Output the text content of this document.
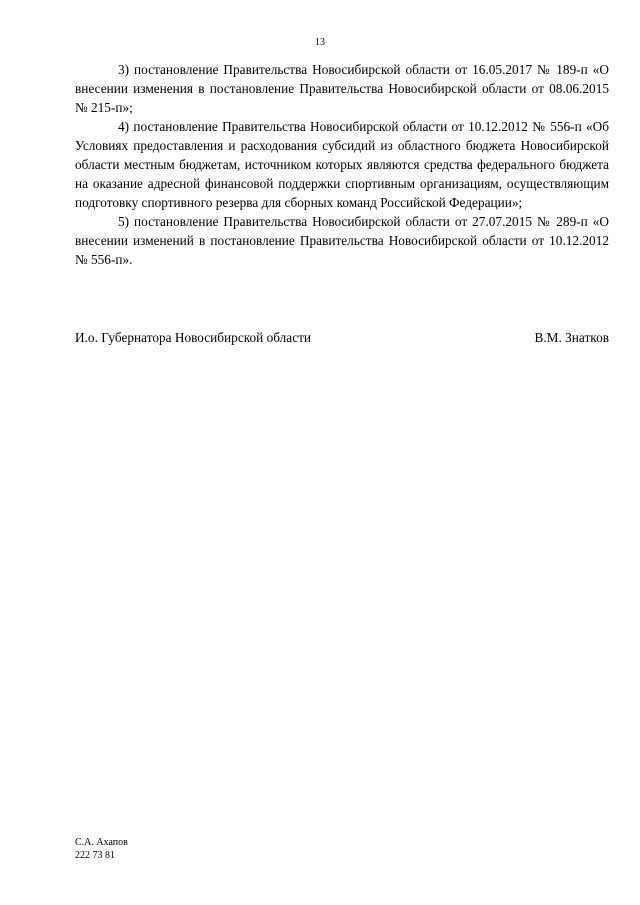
13

3) постановление Правительства Новосибирской области от 16.05.2017 № 189-п «О внесении изменения в постановление Правительства Новосибирской области от 08.06.2015 № 215-п»;

4) постановление Правительства Новосибирской области от 10.12.2012 № 556-п «Об Условиях предоставления и расходования субсидий из областного бюджета Новосибирской области местным бюджетам, источником которых являются средства федерального бюджета на оказание адресной финансовой поддержки спортивным организациям, осуществляющим подготовку спортивного резерва для сборных команд Российской Федерации»;

5) постановление Правительства Новосибирской области от 27.07.2015 № 289-п «О внесении изменений в постановление Правительства Новосибирской области от 10.12.2012 № 556-п».

И.о. Губернатора Новосибирской области	В.М. Знатков
С.А. Ахапов
222 73 81
